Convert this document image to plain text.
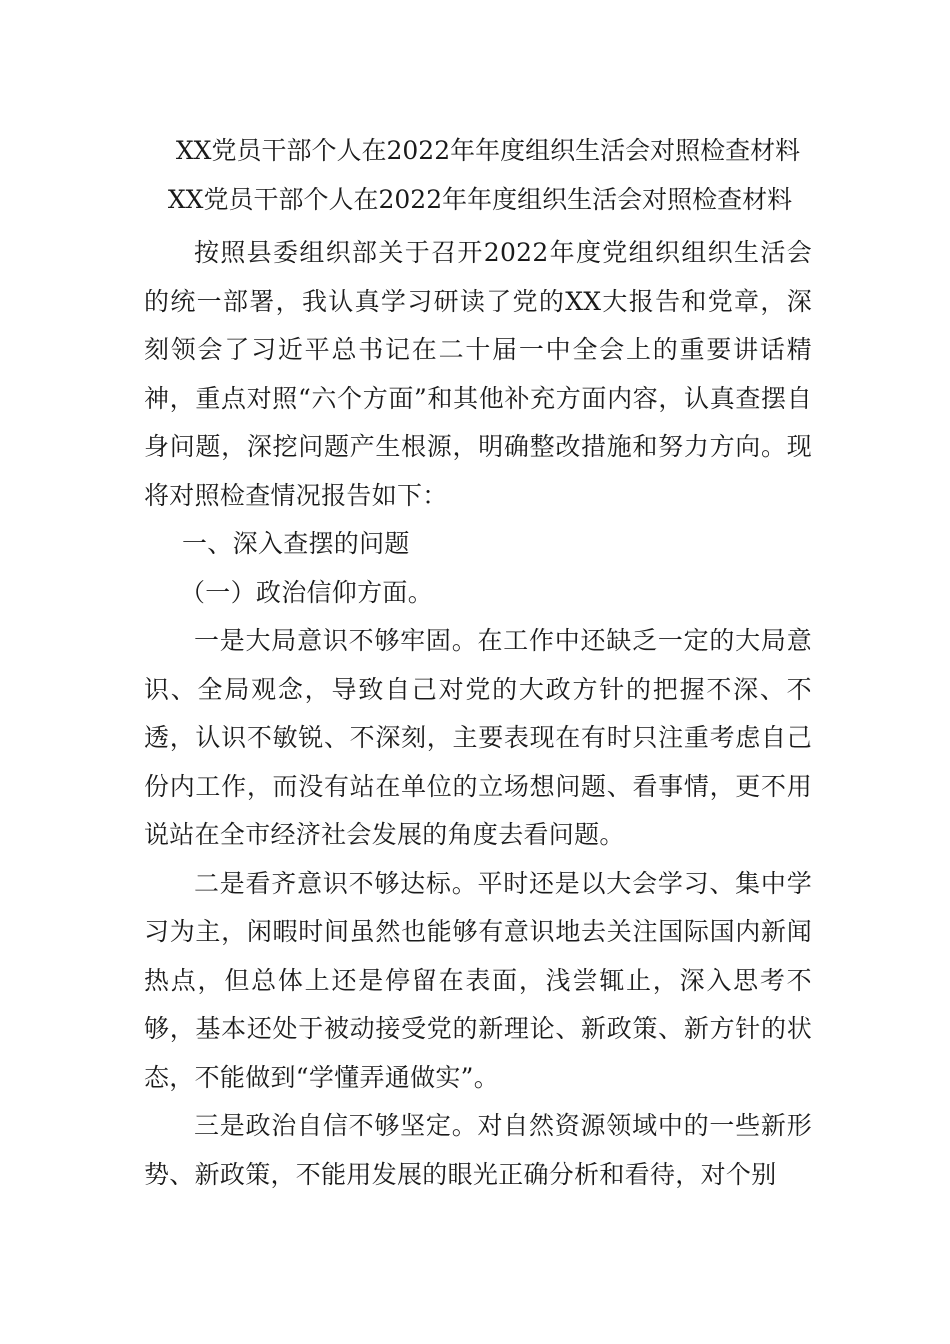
XX党员干部个人在2022年年度组织生活会对照检查材料
XX党员干部个人在2022年年度组织生活会对照检查材料

按照县委组织部关于召开2022年度党组织组织生活会的统一部署，我认真学习研读了党的XX大报告和党章，深刻领会了习近平总书记在二十届一中全会上的重要讲话精神，重点对照“六个方面”和其他补充方面内容，认真查摆自身问题，深挖问题产生根源，明确整改措施和努力方向。现将对照检查情况报告如下：

一、深入查摆的问题

（一）政治信仰方面。

一是大局意识不够牢固。在工作中还缺乏一定的大局意识、全局观念，导致自己对党的大政方针的把握不深、不透，认识不敏锐、不深刻，主要表现在有时只注重考虑自己份内工作，而没有站在单位的立场想问题、看事情，更不用说站在全市经济社会发展的角度去看问题。

二是看齐意识不够达标。平时还是以大会学习、集中学习为主，闲暇时间虽然也能够有意识地去关注国际国内新闻热点，但总体上还是停留在表面，浅尝辄止，深入思考不够，基本还处于被动接受党的新理论、新政策、新方针的状态，不能做到“学懂弄通做实”。

三是政治自信不够坚定。对自然资源领域中的一些新形势、新政策，不能用发展的眼光正确分析和看待，对个别
